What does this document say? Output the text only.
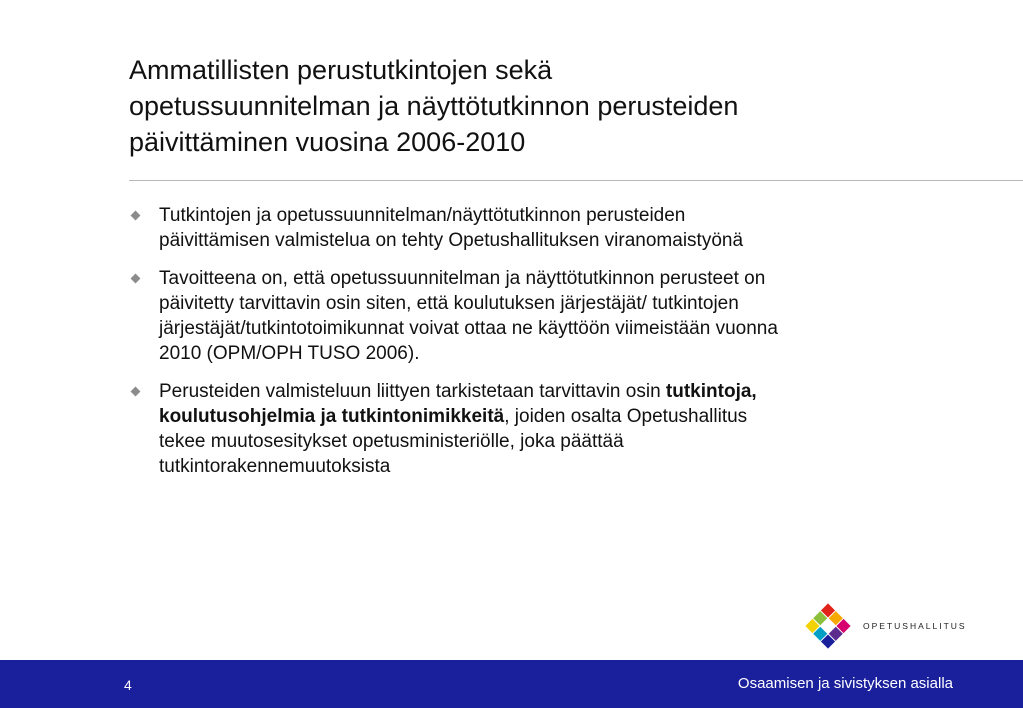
Ammatillisten perustutkintojen sekä
opetussuunnitelman ja näyttötutkinnon perusteiden
päivittäminen vuosina 2006-2010
Tutkintojen ja opetussuunnitelman/näyttötutkinnon perusteiden
päivittämisen valmistelua on tehty Opetushallituksen viranomaistyönä
Tavoitteena on, että opetussuunnitelman ja näyttötutkinnon perusteet on
päivitetty tarvittavin osin siten, että koulutuksen järjestäjät/ tutkintojen
järjestäjät/tutkintotoimikunnat voivat ottaa ne käyttöön viimeistään vuonna
2010 (OPM/OPH TUSO 2006).
Perusteiden valmisteluun liittyen tarkistetaan tarvittavin osin tutkintoja,
koulutusohjelmia ja tutkintonimikkeitä, joiden osalta Opetushallitus
tekee muutosesitykset opetusministeriölle, joka päättää
tutkintorakennemuutoksista
OPETUSHALLITUS
4	Osaamisen ja sivistyksen asialla
